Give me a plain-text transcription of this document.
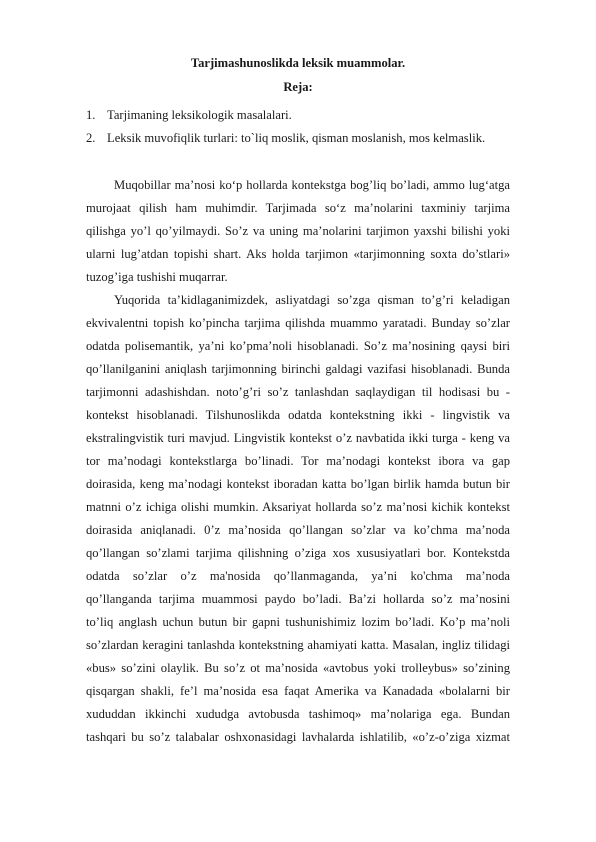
Tarjimashunoslikda leksik muammolar.
Reja:
1. Tarjimaning leksikologik masalalari.
2. Leksik muvofiqlik turlari: to`liq moslik, qisman moslanish, mos kelmaslik.
Muqobillar ma’nosi ko‘p hollarda kontekstga bog’liq bo’ladi, ammo lug‘atga
murojaat qilish ham muhimdir. Tarjimada so‘z ma’nolarini taxminiy tarjima
qilishga yo’l qo’yilmaydi. So’z va uning ma’nolarini tarjimon yaxshi bilishi yoki
ularni lug’atdan topishi shart. Aks holda tarjimon «tarjimonning soxta do’stlari»
tuzog’iga tushishi muqarrar.
Yuqorida ta’kidlaganimizdek, asliyatdagi so’zga qisman to’g’ri keladigan
ekvivalentni topish ko’pincha tarjima qilishda muammo yaratadi. Bunday so’zlar
odatda polisemantik, ya’ni ko’pma’noli hisoblanadi. So’z ma’nosining qaysi biri
qo’llanilganini aniqlash tarjimonning birinchi galdagi vazifasi hisoblanadi. Bunda
tarjimonni adashishdan. noto’g’ri so’z tanlashdan saqlaydigan til hodisasi bu -
kontekst hisoblanadi. Tilshunoslikda odatda kontekstning ikki - lingvistik va
ekstralingvistik turi mavjud. Lingvistik kontekst o’z navbatida ikki turga - keng va
tor ma’nodagi kontekstlarga bo’linadi. Tor ma’nodagi kontekst ibora va gap
doirasida, keng ma’nodagi kontekst iboradan katta bo’lgan birlik hamda butun bir
matnni o’z ichiga olishi mumkin. Aksariyat hollarda so’z ma’nosi kichik kontekst
doirasida aniqlanadi. 0’z ma’nosida qo’llangan so’zlar va ko’chma ma’noda
qo’llangan so’zlami tarjima qilishning o’ziga xos xususiyatlari bor. Kontekstda
odatda so’zlar o’z ma'nosida qo’llanmaganda, ya’ni ko'chma ma’noda
qo’llanganda tarjima muammosi paydo bo’ladi. Ba’zi hollarda so’z ma’nosini
to’liq anglash uchun butun bir gapni tushunishimiz lozim bo’ladi. Ko’p ma’noli
so’zlardan keragini tanlashda kontekstning ahamiyati katta. Masalan, ingliz tilidagi
«bus» so’zini olaylik. Bu so’z ot ma’nosida «avtobus yoki trolleybus» so’zining
qisqargan shakli, fe’l ma’nosida esa faqat Amerika va Kanadada «bolalarni bir
xududdan ikkinchi xududga avtobusda tashimoq» ma’nolariga ega. Bundan
tashqari bu so’z talabalar oshxonasidagi lavhalarda ishlatilib, «o’z-o’ziga xizmat
